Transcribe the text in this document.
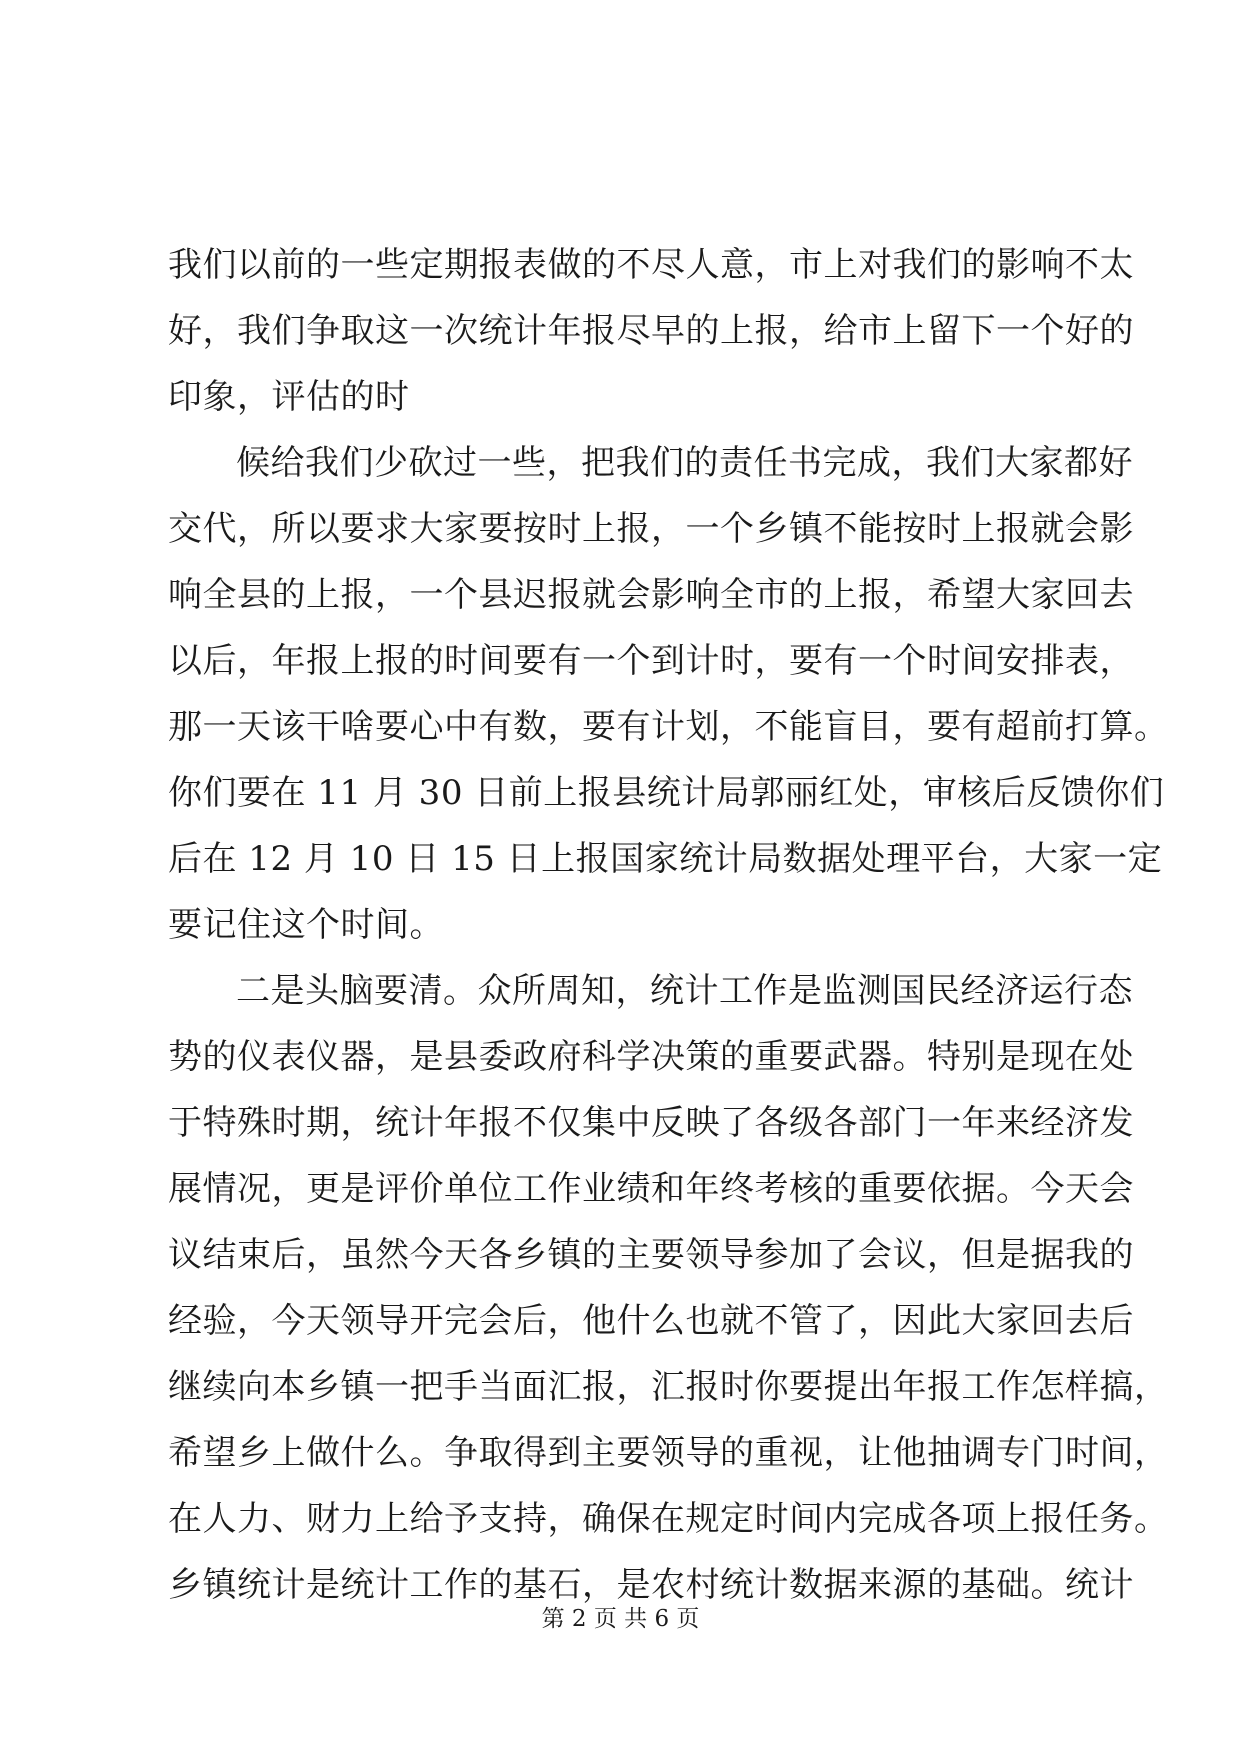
我们以前的一些定期报表做的不尽人意，市上对我们的影响不太
好，我们争取这一次统计年报尽早的上报，给市上留下一个好的
印象，评估的时
候给我们少砍过一些，把我们的责任书完成，我们大家都好
交代，所以要求大家要按时上报，一个乡镇不能按时上报就会影
响全县的上报，一个县迟报就会影响全市的上报，希望大家回去
以后，年报上报的时间要有一个到计时，要有一个时间安排表，
那一天该干啥要心中有数，要有计划，不能盲目，要有超前打算。
你们要在 11 月 30 日前上报县统计局郭丽红处，审核后反馈你们
后在 12 月 10 日 15 日上报国家统计局数据处理平台，大家一定
要记住这个时间。
二是头脑要清。众所周知，统计工作是监测国民经济运行态
势的仪表仪器，是县委政府科学决策的重要武器。特别是现在处
于特殊时期，统计年报不仅集中反映了各级各部门一年来经济发
展情况，更是评价单位工作业绩和年终考核的重要依据。今天会
议结束后，虽然今天各乡镇的主要领导参加了会议，但是据我的
经验，今天领导开完会后，他什么也就不管了，因此大家回去后
继续向本乡镇一把手当面汇报，汇报时你要提出年报工作怎样搞，
希望乡上做什么。争取得到主要领导的重视，让他抽调专门时间，
在人力、财力上给予支持，确保在规定时间内完成各项上报任务。
乡镇统计是统计工作的基石，是农村统计数据来源的基础。统计
第 2 页 共 6 页
